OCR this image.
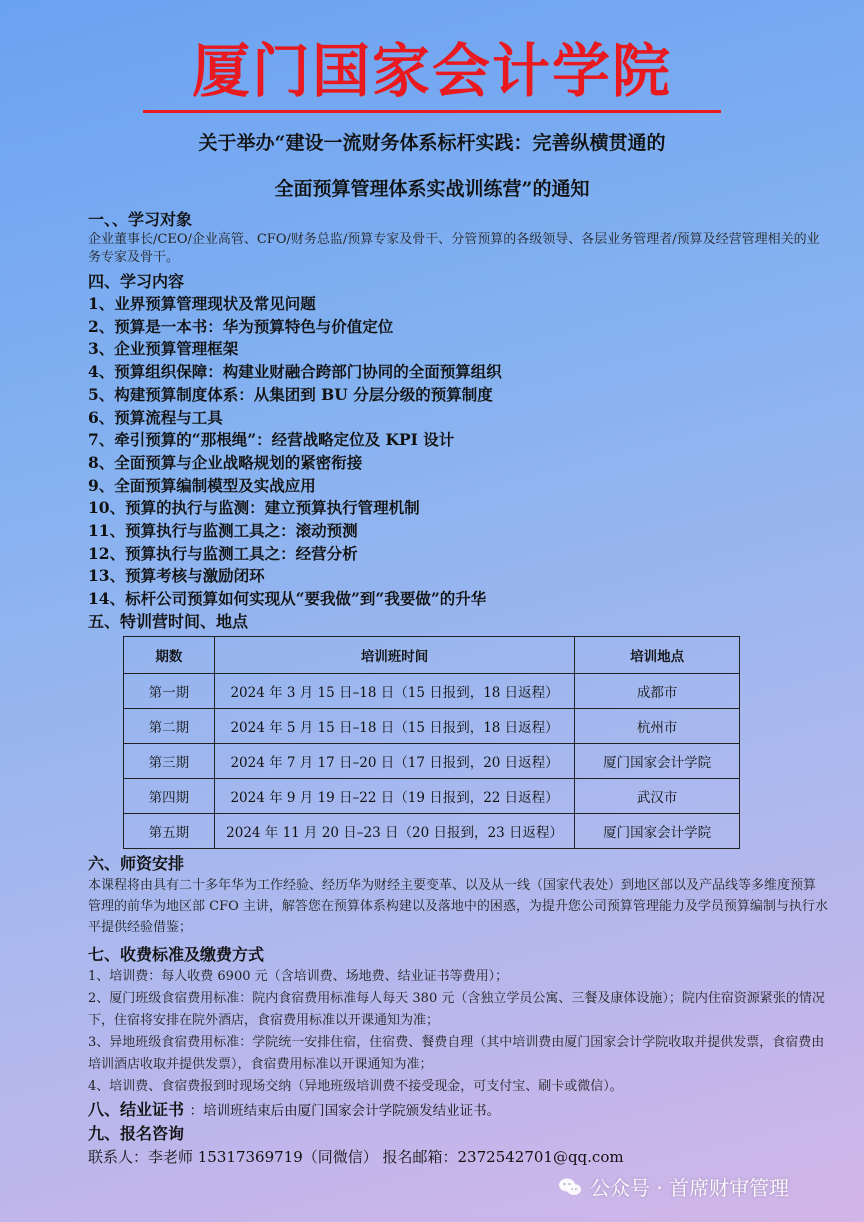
厦门国家会计学院
关于举办“建设一流财务体系标杆实践：完善纵横贯通的
全面预算管理体系实战训练营”的通知
一、、学习对象
企业董事长/CEO/企业高管、CFO/财务总监/预算专家及骨干、分管预算的各级领导、各层业务管理者/预算及经营管理相关的业务专家及骨干。
四、学习内容
1、业界预算管理现状及常见问题
2、预算是一本书：华为预算特色与价值定位
3、企业预算管理框架
4、预算组织保障：构建业财融合跨部门协同的全面预算组织
5、构建预算制度体系：从集团到 BU 分层分级的预算制度
6、预算流程与工具
7、牵引预算的“那根绳”：经营战略定位及 KPI 设计
8、全面预算与企业战略规划的紧密衔接
9、全面预算编制模型及实战应用
10、预算的执行与监测：建立预算执行管理机制
11、预算执行与监测工具之：滚动预测
12、预算执行与监测工具之：经营分析
13、预算考核与激励闭环
14、标杆公司预算如何实现从“要我做”到“我要做”的升华
五、特训营时间、地点
期数	培训班时间	培训地点
第一期	2024 年 3 月 15 日–18 日（15 日报到，18 日返程）	成都市
第二期	2024 年 5 月 15 日–18 日（15 日报到，18 日返程）	杭州市
第三期	2024 年 7 月 17 日–20 日（17 日报到，20 日返程）	厦门国家会计学院
第四期	2024 年 9 月 19 日–22 日（19 日报到，22 日返程）	武汉市
第五期	2024 年 11 月 20 日–23 日（20 日报到，23 日返程）	厦门国家会计学院
六、师资安排
本课程将由具有二十多年华为工作经验、经历华为财经主要变革、以及从一线（国家代表处）到地区部以及产品线等多维度预算管理的前华为地区部 CFO 主讲，解答您在预算体系构建以及落地中的困惑，为提升您公司预算管理能力及学员预算编制与执行水平提供经验借鉴；
七、收费标准及缴费方式
1、培训费：每人收费 6900 元（含培训费、场地费、结业证书等费用）；
2、厦门班级食宿费用标准：院内食宿费用标准每人每天 380 元（含独立学员公寓、三餐及康体设施）；院内住宿资源紧张的情况下，住宿将安排在院外酒店，食宿费用标准以开课通知为准；
3、异地班级食宿费用标准：学院统一安排住宿，住宿费、餐费自理（其中培训费由厦门国家会计学院收取并提供发票，食宿费由培训酒店收取并提供发票），食宿费用标准以开课通知为准；
4、培训费、食宿费报到时现场交纳（异地班级培训费不接受现金，可支付宝、刷卡或微信）。
八、结业证书 ：培训班结束后由厦门国家会计学院颁发结业证书。
九、报名咨询
联系人：李老师 15317369719（同微信） 报名邮箱：2372542701@qq.com
公众号 · 首席财审管理
